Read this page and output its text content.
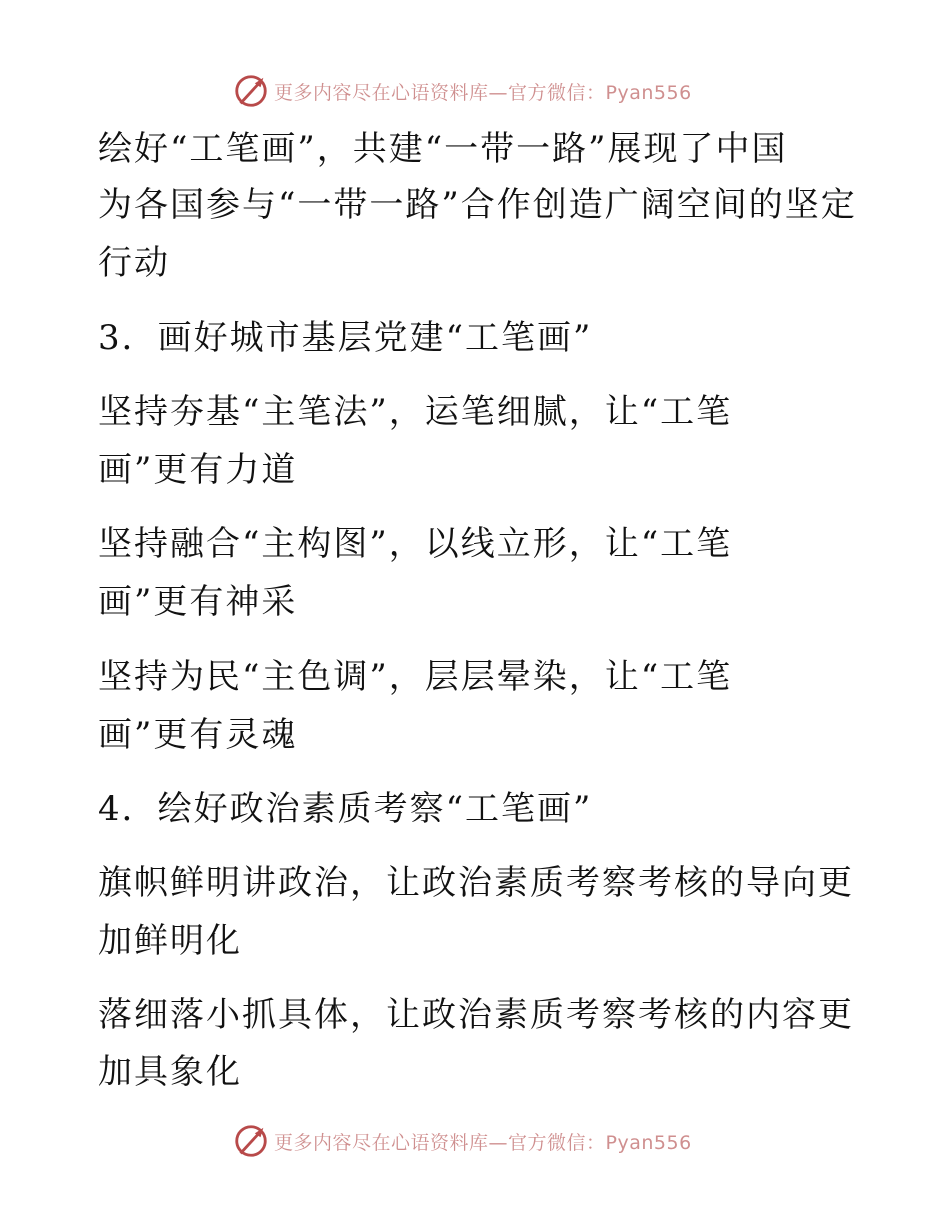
更多内容尽在心语资料库—官方微信：Pyan556
绘好“工笔画”，共建“一带一路”展现了中国
为各国参与“一带一路”合作创造广阔空间的坚定
行动
3．画好城市基层党建“工笔画”
坚持夯基“主笔法”，运笔细腻，让“工笔
画”更有力道
坚持融合“主构图”，以线立形，让“工笔
画”更有神采
坚持为民“主色调”，层层晕染，让“工笔
画”更有灵魂
4．绘好政治素质考察“工笔画”
旗帜鲜明讲政治，让政治素质考察考核的导向更
加鲜明化
落细落小抓具体，让政治素质考察考核的内容更
加具象化
更多内容尽在心语资料库—官方微信：Pyan556
